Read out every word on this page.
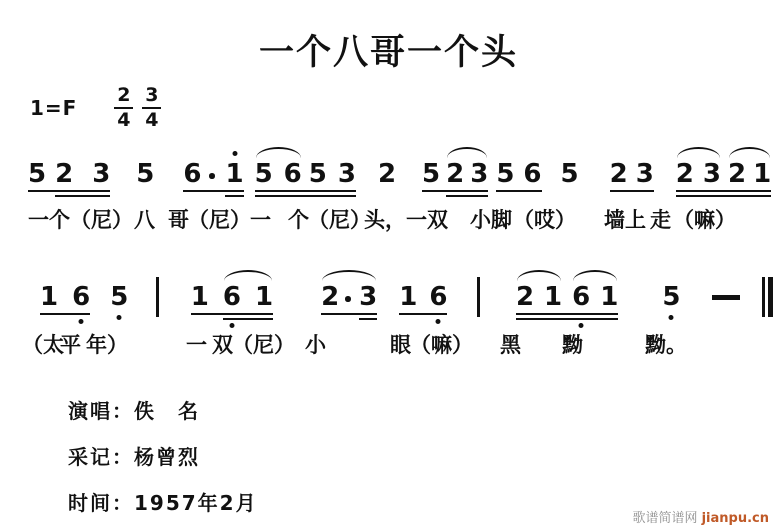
一个八哥一个头
$1=F \frac{2}{4} \frac{3}{4}$
5 2 3 5 6 1 5 6 5 3 2 5 2 3 5 6 5 2 3 2 3 2 1
一个 （尼） 八 哥 （尼） 一 个 （尼）
头， 一双 小脚 （哎） 墙上 走 （嘛）
1 6 5 1 6 1 2 3 1 6	2 1 6 1 5
（太
平 年）	一 双 （尼） 小	眼 （嘛） 黑 黝	黝。
演唱：佚　名
采记：杨曾烈
时间：1957年2月

歌谱简谱网 jianpu.cn
